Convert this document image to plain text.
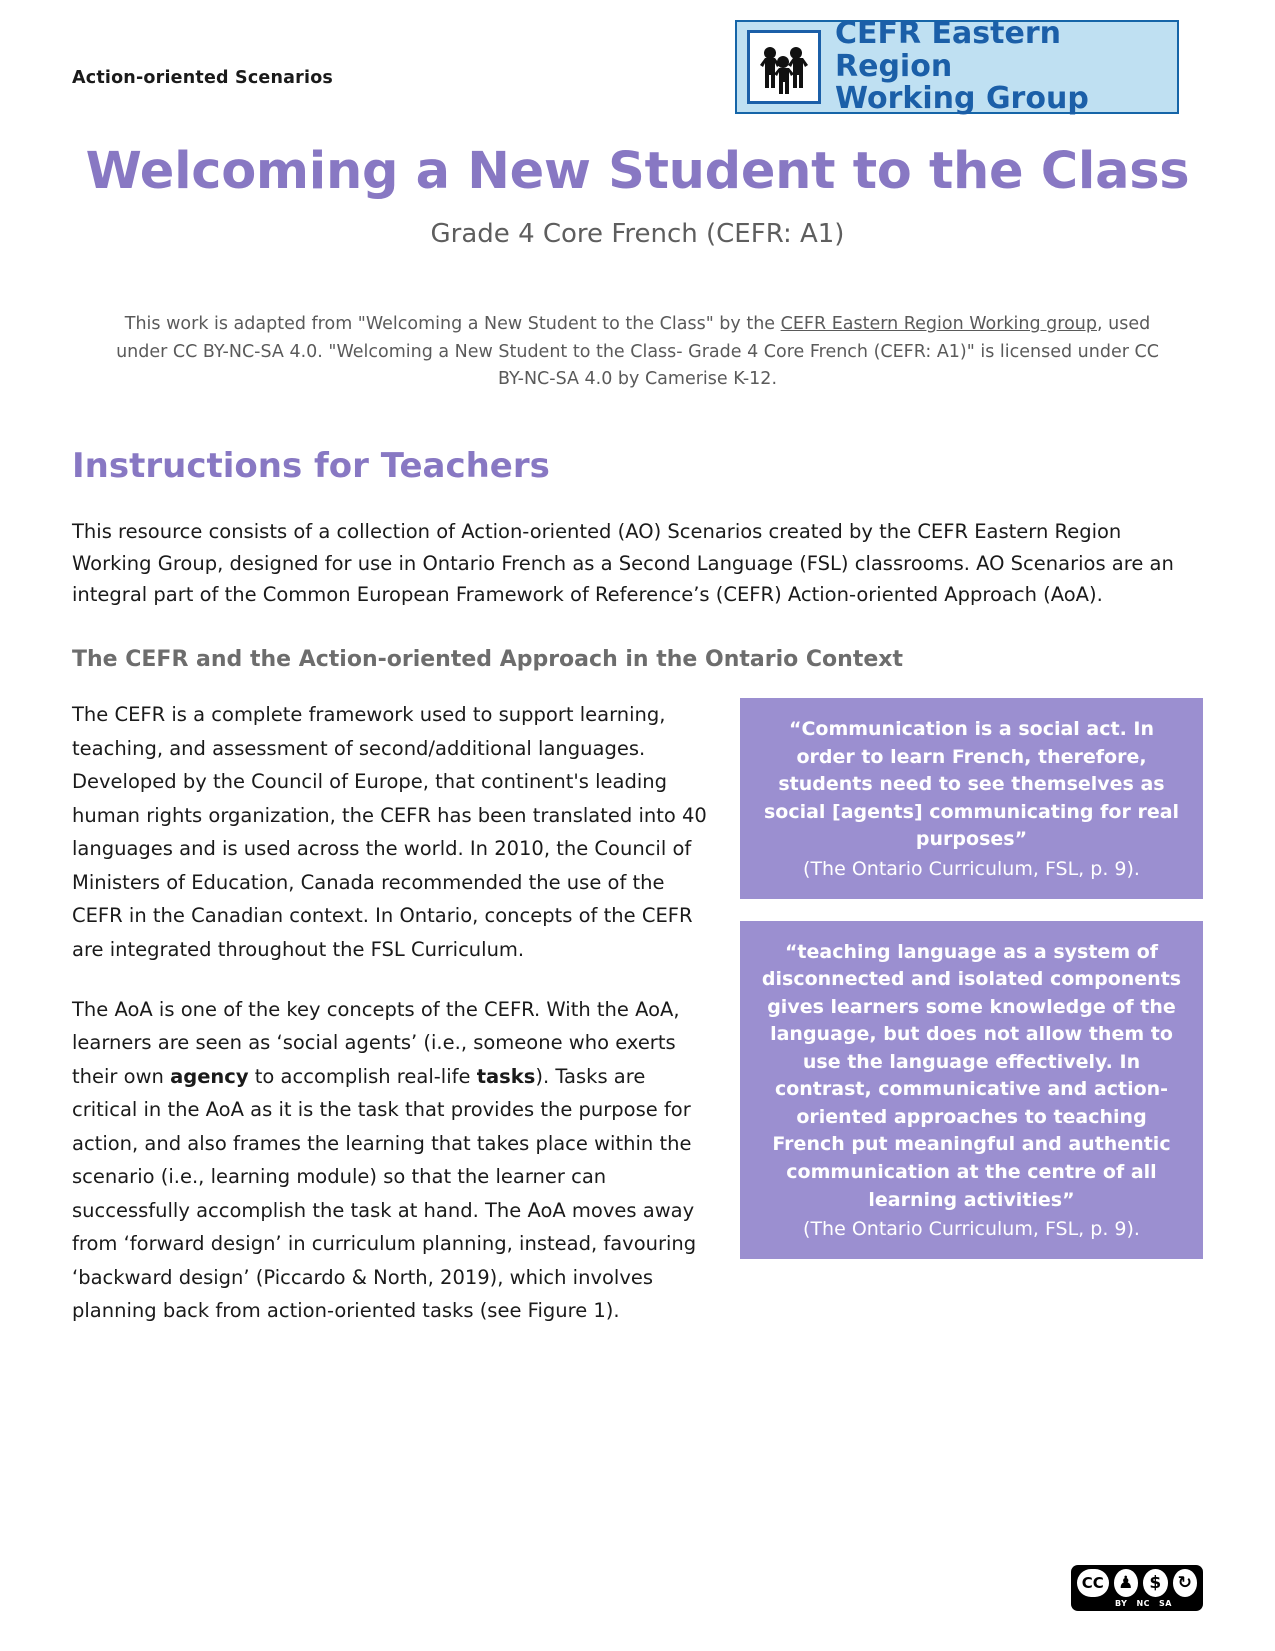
Action-oriented Scenarios
CEFR Eastern Region
Working Group
Welcoming a New Student to the Class
Grade 4 Core French (CEFR: A1)
This work is adapted from "Welcoming a New Student to the Class" by the CEFR Eastern Region Working group, used under CC BY-NC-SA 4.0. "Welcoming a New Student to the Class- Grade 4 Core French (CEFR: A1)" is licensed under CC BY-NC-SA 4.0 by Camerise K-12.
Instructions for Teachers

This resource consists of a collection of Action-oriented (AO) Scenarios created by the CEFR Eastern Region Working Group, designed for use in Ontario French as a Second Language (FSL) classrooms. AO Scenarios are an integral part of the Common European Framework of Reference’s (CEFR) Action-oriented Approach (AoA).

The CEFR and the Action-oriented Approach in the Ontario Context

The CEFR is a complete framework used to support learning, teaching, and assessment of second/additional languages. Developed by the Council of Europe, that continent's leading human rights organization, the CEFR has been translated into 40 languages and is used across the world. In 2010, the Council of Ministers of Education, Canada recommended the use of the CEFR in the Canadian context. In Ontario, concepts of the CEFR are integrated throughout the FSL Curriculum.

The AoA is one of the key concepts of the CEFR. With the AoA, learners are seen as ‘social agents’ (i.e., someone who exerts their own agency to accomplish real-life tasks). Tasks are critical in the AoA as it is the task that provides the purpose for action, and also frames the learning that takes place within the scenario (i.e., learning module) so that the learner can successfully accomplish the task at hand. The AoA moves away from ‘forward design’ in curriculum planning, instead, favouring ‘backward design’ (Piccardo & North, 2019), which involves planning back from action-oriented tasks (see Figure 1).

“Communication is a social act. In order to learn French, therefore, students need to see themselves as social [agents] communicating for real purposes”
(The Ontario Curriculum, FSL, p. 9).
“teaching language as a system of disconnected and isolated components gives learners some knowledge of the language, but does not allow them to use the language effectively. In contrast, communicative and action-oriented approaches to teaching French put meaningful and authentic communication at the centre of all learning activities”
(The Ontario Curriculum, FSL, p. 9).
CC ♟ $ ↻
BY NC SA
